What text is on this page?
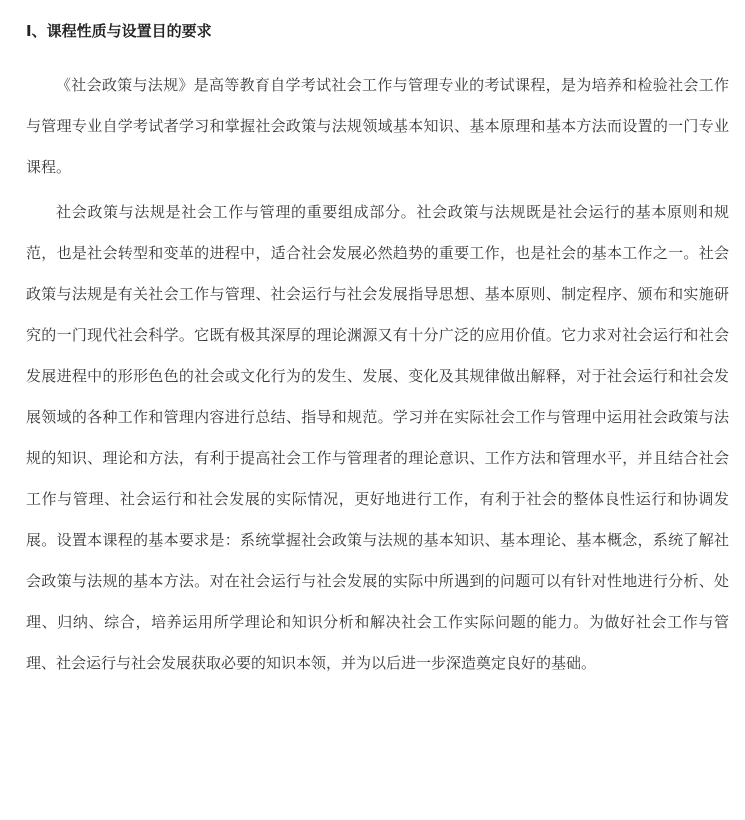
I、课程性质与设置目的要求

《社会政策与法规》是高等教育自学考试社会工作与管理专业的考试课程，是为培养和检验社会工作与管理专业自学考试者学习和掌握社会政策与法规领域基本知识、基本原理和基本方法而设置的一门专业课程。

社会政策与法规是社会工作与管理的重要组成部分。社会政策与法规既是社会运行的基本原则和规范，也是社会转型和变革的进程中，适合社会发展必然趋势的重要工作，也是社会的基本工作之一。社会政策与法规是有关社会工作与管理、社会运行与社会发展指导思想、基本原则、制定程序、颁布和实施研究的一门现代社会科学。它既有极其深厚的理论渊源又有十分广泛的应用价值。它力求对社会运行和社会发展进程中的形形色色的社会或文化行为的发生、发展、变化及其规律做出解释，对于社会运行和社会发展领域的各种工作和管理内容进行总结、指导和规范。学习并在实际社会工作与管理中运用社会政策与法规的知识、理论和方法，有利于提高社会工作与管理者的理论意识、工作方法和管理水平，并且结合社会工作与管理、社会运行和社会发展的实际情况，更好地进行工作，有利于社会的整体良性运行和协调发展。设置本课程的基本要求是：系统掌握社会政策与法规的基本知识、基本理论、基本概念，系统了解社会政策与法规的基本方法。对在社会运行与社会发展的实际中所遇到的问题可以有针对性地进行分析、处理、归纳、综合，培养运用所学理论和知识分析和解决社会工作实际问题的能力。为做好社会工作与管理、社会运行与社会发展获取必要的知识本领，并为以后进一步深造奠定良好的基础。
